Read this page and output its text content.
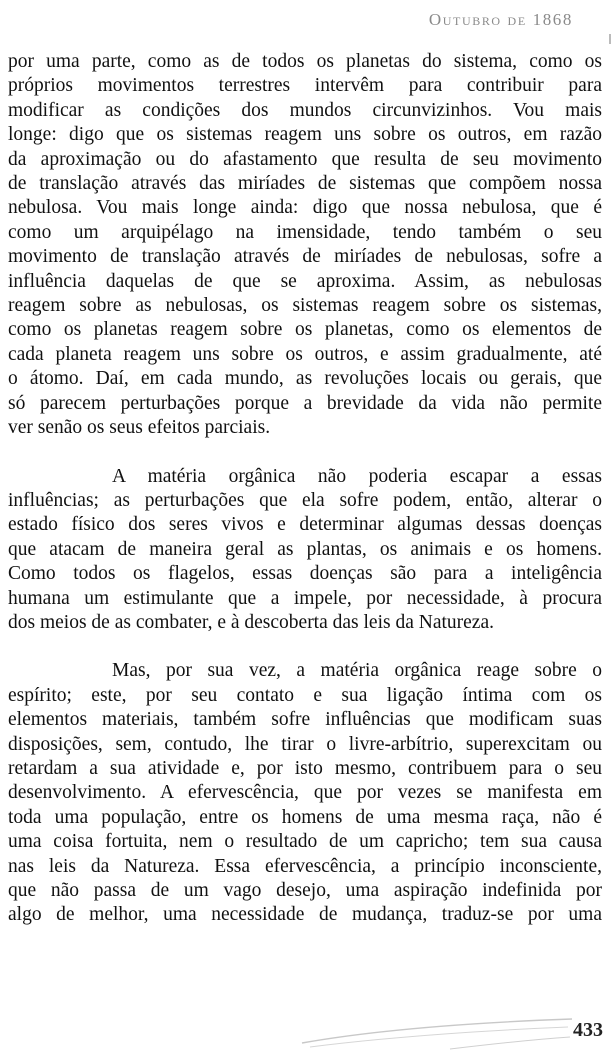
Outubro de 1868

por uma parte, como as de todos os planetas do sistema, como os
próprios movimentos terrestres intervêm para contribuir para
modificar as condições dos mundos circunvizinhos. Vou mais
longe: digo que os sistemas reagem uns sobre os outros, em razão
da aproximação ou do afastamento que resulta de seu movimento
de translação através das miríades de sistemas que compõem nossa
nebulosa. Vou mais longe ainda: digo que nossa nebulosa, que é
como um arquipélago na imensidade, tendo também o seu
movimento de translação através de miríades de nebulosas, sofre a
influência daquelas de que se aproxima. Assim, as nebulosas
reagem sobre as nebulosas, os sistemas reagem sobre os sistemas,
como os planetas reagem sobre os planetas, como os elementos de
cada planeta reagem uns sobre os outros, e assim gradualmente, até
o átomo. Daí, em cada mundo, as revoluções locais ou gerais, que
só parecem perturbações porque a brevidade da vida não permite
ver senão os seus efeitos parciais.

A matéria orgânica não poderia escapar a essas
influências; as perturbações que ela sofre podem, então, alterar o
estado físico dos seres vivos e determinar algumas dessas doenças
que atacam de maneira geral as plantas, os animais e os homens.
Como todos os flagelos, essas doenças são para a inteligência
humana um estimulante que a impele, por necessidade, à procura
dos meios de as combater, e à descoberta das leis da Natureza.

Mas, por sua vez, a matéria orgânica reage sobre o
espírito; este, por seu contato e sua ligação íntima com os
elementos materiais, também sofre influências que modificam suas
disposições, sem, contudo, lhe tirar o livre-arbítrio, superexcitam ou
retardam a sua atividade e, por isto mesmo, contribuem para o seu
desenvolvimento. A efervescência, que por vezes se manifesta em
toda uma população, entre os homens de uma mesma raça, não é
uma coisa fortuita, nem o resultado de um capricho; tem sua causa
nas leis da Natureza. Essa efervescência, a princípio inconsciente,
que não passa de um vago desejo, uma aspiração indefinida por
algo de melhor, uma necessidade de mudança, traduz-se por uma

433
